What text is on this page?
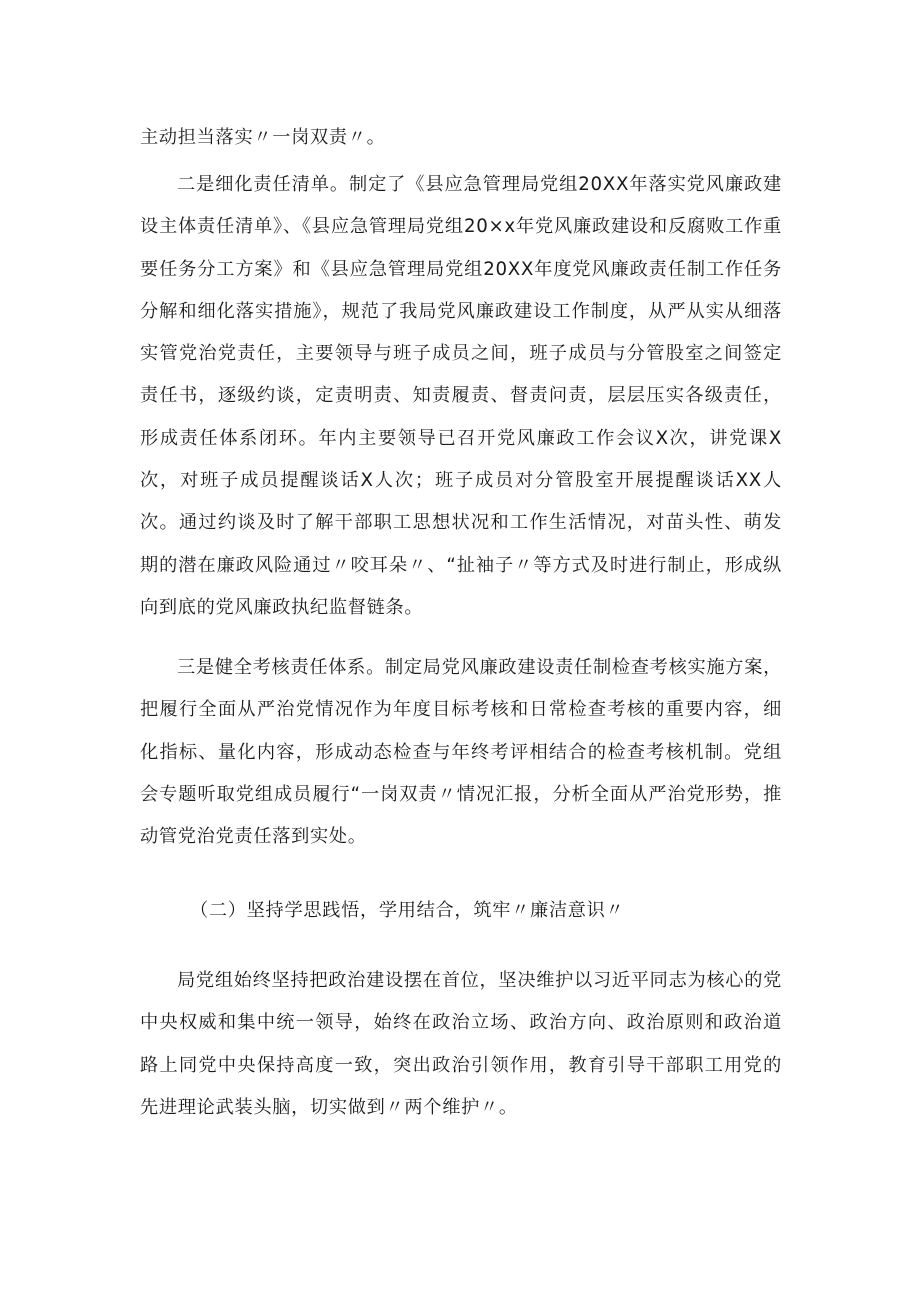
主动担当落实〃一岗双责〃。

二是细化责任清单。制定了《县应急管理局党组20XX年落实党风廉政建设主体责任清单》、《县应急管理局党组20×x年党风廉政建设和反腐败工作重要任务分工方案》和《县应急管理局党组20XX年度党风廉政责任制工作任务分解和细化落实措施》，规范了我局党风廉政建设工作制度，从严从实从细落实管党治党责任，主要领导与班子成员之间，班子成员与分管股室之间签定责任书，逐级约谈，定责明责、知责履责、督责问责，层层压实各级责任，形成责任体系闭环。年内主要领导已召开党风廉政工作会议X次，讲党课X次，对班子成员提醒谈话X人次；班子成员对分管股室开展提醒谈话XX人次。通过约谈及时了解干部职工思想状况和工作生活情况，对苗头性、萌发期的潜在廉政风险通过〃咬耳朵〃、“扯袖子〃等方式及时进行制止，形成纵向到底的党风廉政执纪监督链条。

三是健全考核责任体系。制定局党风廉政建设责任制检查考核实施方案，把履行全面从严治党情况作为年度目标考核和日常检查考核的重要内容，细化指标、量化内容，形成动态检查与年终考评相结合的检查考核机制。党组会专题听取党组成员履行“一岗双责〃情况汇报，分析全面从严治党形势，推动管党治党责任落到实处。

（二）坚持学思践悟，学用结合，筑牢〃廉洁意识〃

局党组始终坚持把政治建设摆在首位，坚决维护以习近平同志为核心的党中央权威和集中统一领导，始终在政治立场、政治方向、政治原则和政治道路上同党中央保持高度一致，突出政治引领作用，教育引导干部职工用党的先进理论武装头脑，切实做到〃两个维护〃。
